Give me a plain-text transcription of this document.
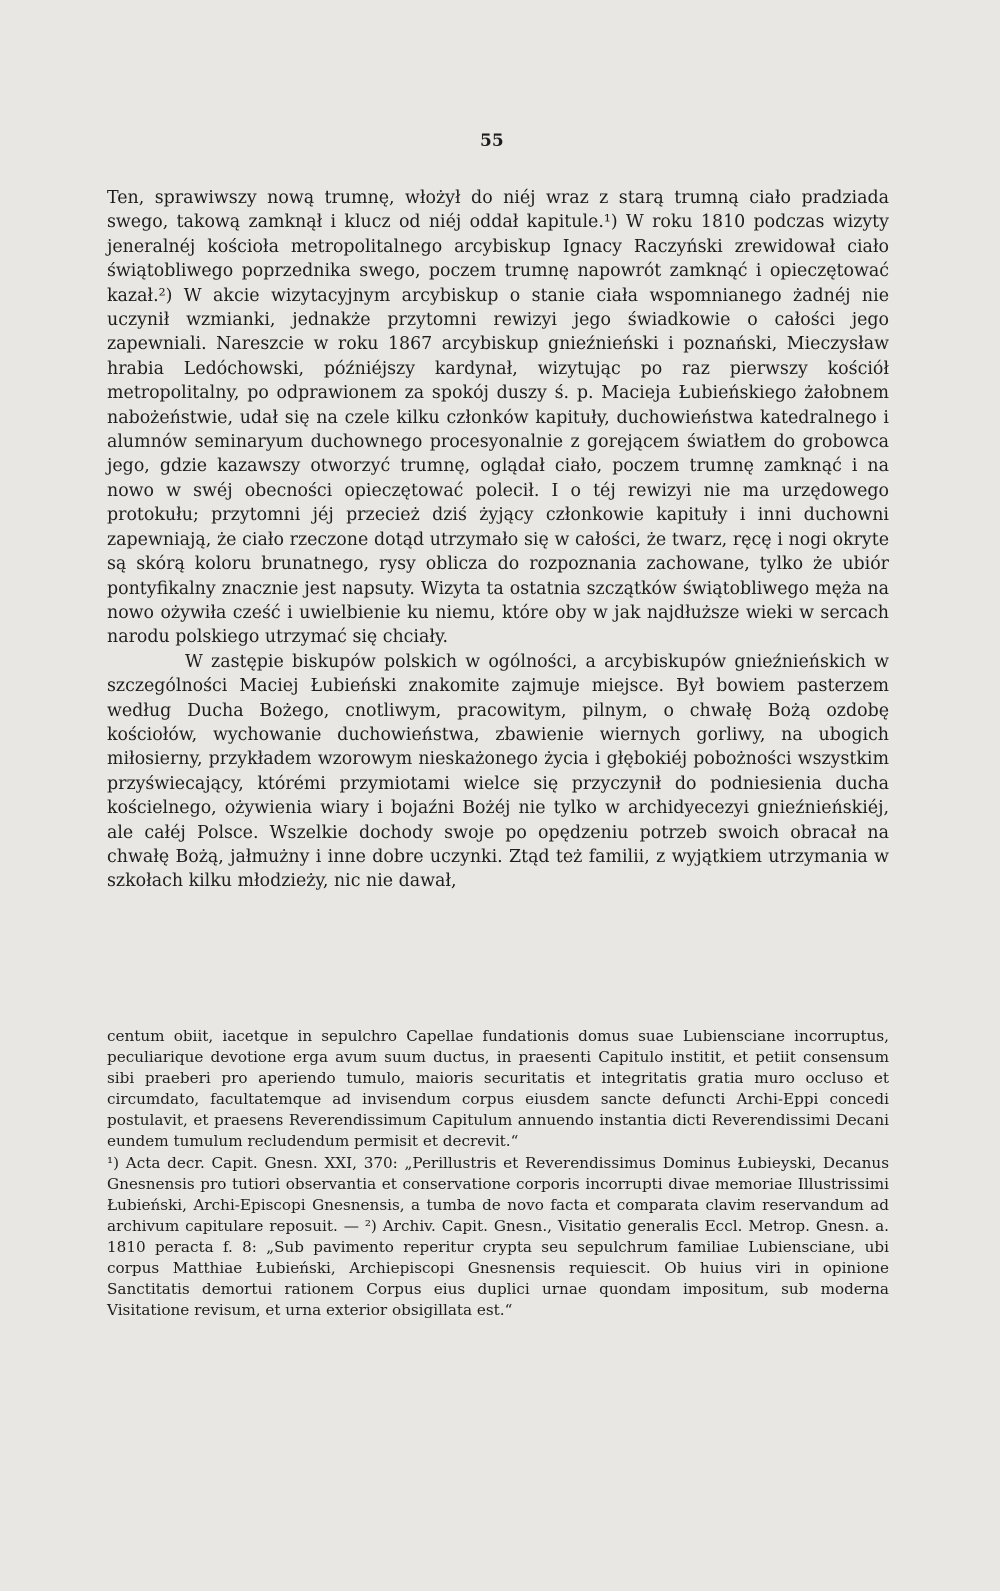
55

Ten, sprawiwszy nową trumnę, włożył do niéj wraz z starą trumną ciało pradziada swego, takową zamknął i klucz od niéj oddał kapitule.¹) W roku 1810 podczas wizyty jeneralnéj kościoła metropolitalnego arcybiskup Ignacy Raczyński zrewidował ciało świątobliwego poprzednika swego, poczem trumnę napowrót zamknąć i opieczętować kazał.²) W akcie wizytacyjnym arcybiskup o stanie ciała wspomnianego żadnéj nie uczynił wzmianki, jednakże przytomni rewizyi jego świadkowie o całości jego zapewniali. Nareszcie w roku 1867 arcybiskup gnieźnieński i poznański, Mieczysław hrabia Ledóchowski, późniéjszy kardynał, wizytując po raz pierwszy kościół metropolitalny, po odprawionem za spokój duszy ś. p. Macieja Łubieńskiego żałobnem nabożeństwie, udał się na czele kilku członków kapituły, duchowieństwa katedralnego i alumnów seminaryum duchownego procesyonalnie z gorejącem światłem do grobowca jego, gdzie kazawszy otworzyć trumnę, oglądał ciało, poczem trumnę zamknąć i na nowo w swéj obecności opieczętować polecił. I o téj rewizyi nie ma urzędowego protokułu; przytomni jéj przecież dziś żyjący członkowie kapituły i inni duchowni zapewniają, że ciało rzeczone dotąd utrzymało się w całości, że twarz, ręcę i nogi okryte są skórą koloru brunatnego, rysy oblicza do rozpoznania zachowane, tylko że ubiór pontyfikalny znacznie jest napsuty. Wizyta ta ostatnia szczątków świątobliwego męża na nowo ożywiła cześć i uwielbienie ku niemu, które oby w jak najdłuższe wieki w sercach narodu polskiego utrzymać się chciały.

W zastępie biskupów polskich w ogólności, a arcybiskupów gnieźnieńskich w szczególności Maciej Łubieński znakomite zajmuje miejsce. Był bowiem pasterzem według Ducha Bożego, cnotliwym, pracowitym, pilnym, o chwałę Bożą ozdobę kościołów, wychowanie duchowieństwa, zbawienie wiernych gorliwy, na ubogich miłosierny, przykładem wzorowym nieskażonego życia i głębokiéj pobożności wszystkim przyświecający, którémi przymiotami wielce się przyczynił do podniesienia ducha kościelnego, ożywienia wiary i bojaźni Bożéj nie tylko w archidyecezyi gnieźnieńskiéj, ale całéj Polsce. Wszelkie dochody swoje po opędzeniu potrzeb swoich obracał na chwałę Bożą, jałmużny i inne dobre uczynki. Ztąd też familii, z wyjątkiem utrzymania w szkołach kilku młodzieży, nic nie dawał,

centum obiit, iacetque in sepulchro Capellae fundationis domus suae Lubiensciane incorruptus, peculiarique devotione erga avum suum ductus, in praesenti Capitulo institit, et petiit consensum sibi praeberi pro aperiendo tumulo, maioris securitatis et integritatis gratia muro occluso et circumdato, facultatemque ad invisendum corpus eiusdem sancte defuncti Archi-Eppi concedi postulavit, et praesens Reverendissimum Capitulum annuendo instantia dicti Reverendissimi Decani eundem tumulum recludendum permisit et decrevit.“

¹) Acta decr. Capit. Gnesn. XXI, 370: „Perillustris et Reverendissimus Dominus Łubieyski, Decanus Gnesnensis pro tutiori observantia et conservatione corporis incorrupti divae memoriae Illustrissimi Łubieński, Archi-Episcopi Gnesnensis, a tumba de novo facta et comparata clavim reservandum ad archivum capitulare reposuit. — ²) Archiv. Capit. Gnesn., Visitatio generalis Eccl. Metrop. Gnesn. a. 1810 peracta f. 8: „Sub pavimento reperitur crypta seu sepulchrum familiae Lubiensciane, ubi corpus Matthiae Łubieński, Archiepiscopi Gnesnensis requiescit. Ob huius viri in opinione Sanctitatis demortui rationem Corpus eius duplici urnae quondam impositum, sub moderna Visitatione revisum, et urna exterior obsigillata est.“
